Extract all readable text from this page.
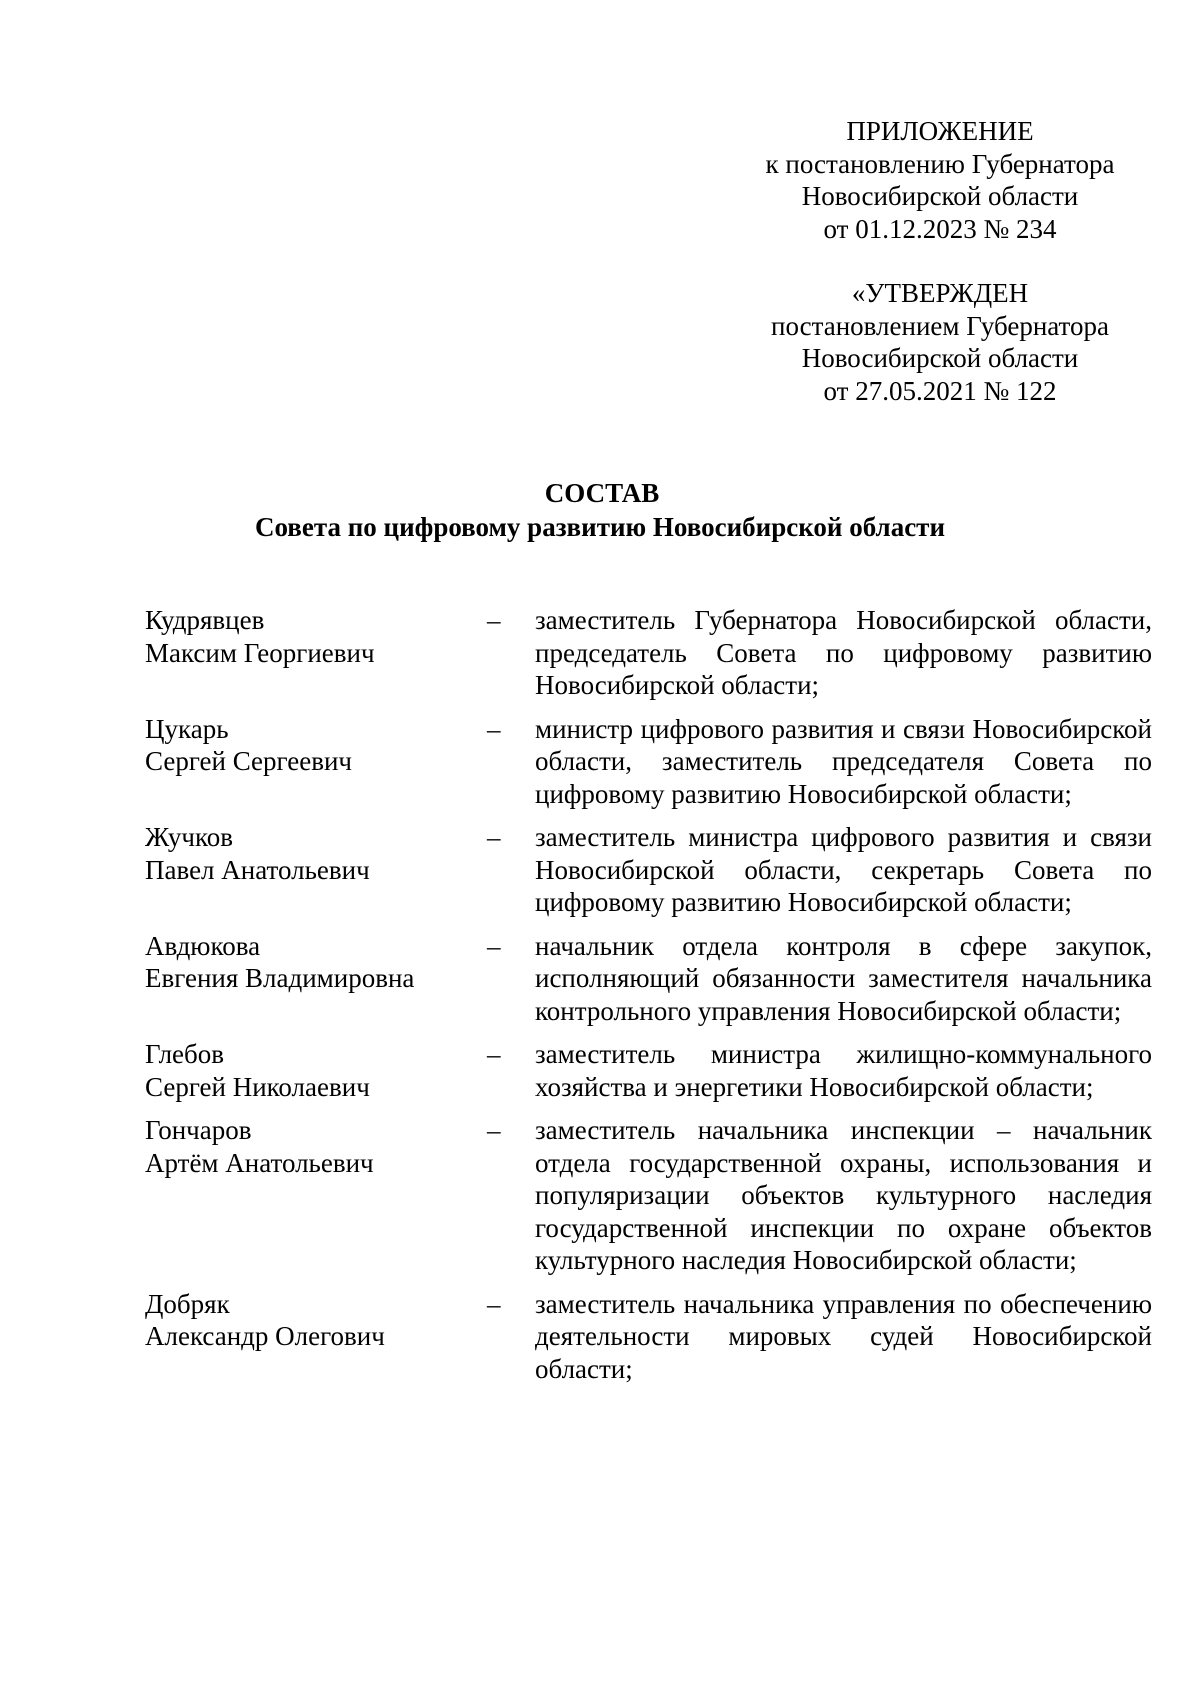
ПРИЛОЖЕНИЕ
к постановлению Губернатора
Новосибирской области
от 01.12.2023 № 234
«УТВЕРЖДЕН
постановлением Губернатора
Новосибирской области
от 27.05.2021 № 122
СОСТАВ
Совета по цифровому развитию Новосибирской области
Кудрявцев
Максим Георгиевич
–	заместитель Губернатора Новосибирской области, председатель Совета по цифровому развитию Новосибирской области;
Цукарь
Сергей Сергеевич
–	министр цифрового развития и связи Новосибирской области, заместитель председателя Совета по цифровому развитию Новосибирской области;
Жучков
Павел Анатольевич
–	заместитель министра цифрового развития и связи Новосибирской области, секретарь Совета по цифровому развитию Новосибирской области;
Авдюкова
Евгения Владимировна
–	начальник отдела контроля в сфере закупок, исполняющий обязанности заместителя начальника контрольного управления Новосибирской области;
Глебов
Сергей Николаевич
–	заместитель министра жилищно-коммунального хозяйства и энергетики Новосибирской области;
Гончаров
Артём Анатольевич
–	заместитель начальника инспекции – начальник отдела государственной охраны, использования и популяризации объектов культурного наследия государственной инспекции по охране объектов культурного наследия Новосибирской области;
Добряк
Александр Олегович
–	заместитель начальника управления по обеспечению деятельности мировых судей Новосибирской области;
